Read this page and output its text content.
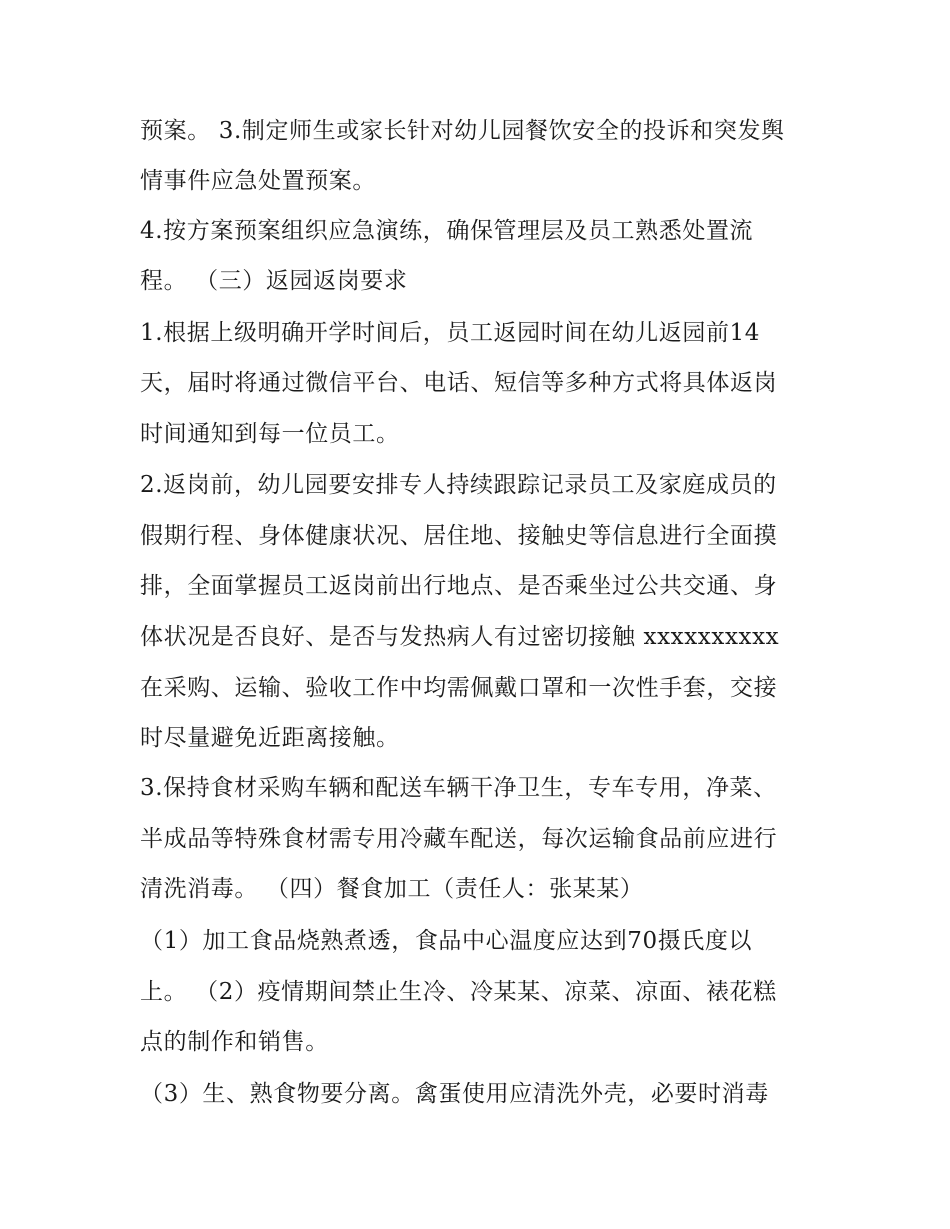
预案。 3.制定师生或家长针对幼儿园餐饮安全的投诉和突发舆
情事件应急处置预案。
4.按方案预案组织应急演练，确保管理层及员工熟悉处置流
程。 （三）返园返岗要求
1.根据上级明确开学时间后，员工返园时间在幼儿返园前14
天，届时将通过微信平台、电话、短信等多种方式将具体返岗
时间通知到每一位员工。
2.返岗前，幼儿园要安排专人持续跟踪记录员工及家庭成员的
假期行程、身体健康状况、居住地、接触史等信息进行全面摸
排，全面掌握员工返岗前出行地点、是否乘坐过公共交通、身
体状况是否良好、是否与发热病人有过密切接触 xxxxxxxxxx
在采购、运输、验收工作中均需佩戴口罩和一次性手套，交接
时尽量避免近距离接触。
3.保持食材采购车辆和配送车辆干净卫生，专车专用，净菜、
半成品等特殊食材需专用冷藏车配送，每次运输食品前应进行
清洗消毒。 （四）餐食加工（责任人：张某某）
（1）加工食品烧熟煮透，食品中心温度应达到70摄氏度以
上。 （2）疫情期间禁止生冷、冷某某、凉菜、凉面、裱花糕
点的制作和销售。
（3）生、熟食物要分离。禽蛋使用应清洗外壳，必要时消毒
